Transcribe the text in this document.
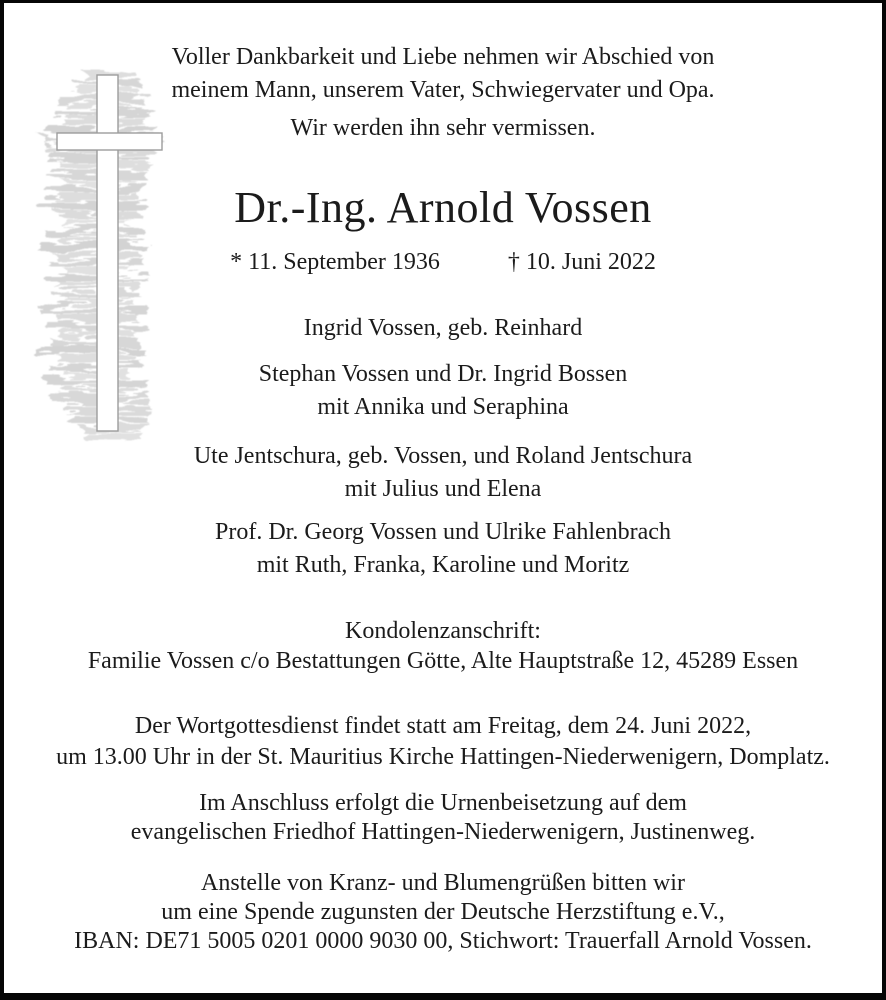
Voller Dankbarkeit und Liebe nehmen wir Abschied von
meinem Mann, unserem Vater, Schwiegervater und Opa.
Wir werden ihn sehr vermissen.
Dr.-Ing. Arnold Vossen
* 11. September 1936	† 10. Juni 2022
Ingrid Vossen, geb. Reinhard
Stephan Vossen und Dr. Ingrid Bossen
mit Annika und Seraphina
Ute Jentschura, geb. Vossen, und Roland Jentschura
mit Julius und Elena
Prof. Dr. Georg Vossen und Ulrike Fahlenbrach
mit Ruth, Franka, Karoline und Moritz
Kondolenzanschrift:
Familie Vossen c/o Bestattungen Götte, Alte Hauptstraße 12, 45289 Essen
Der Wortgottesdienst findet statt am Freitag, dem 24. Juni 2022,
um 13.00 Uhr in der St. Mauritius Kirche Hattingen-Niederwenigern, Domplatz.
Im Anschluss erfolgt die Urnenbeisetzung auf dem
evangelischen Friedhof Hattingen-Niederwenigern, Justinenweg.
Anstelle von Kranz- und Blumengrüßen bitten wir
um eine Spende zugunsten der Deutsche Herzstiftung e.V.,
IBAN: DE71 5005 0201 0000 9030 00, Stichwort: Trauerfall Arnold Vossen.
